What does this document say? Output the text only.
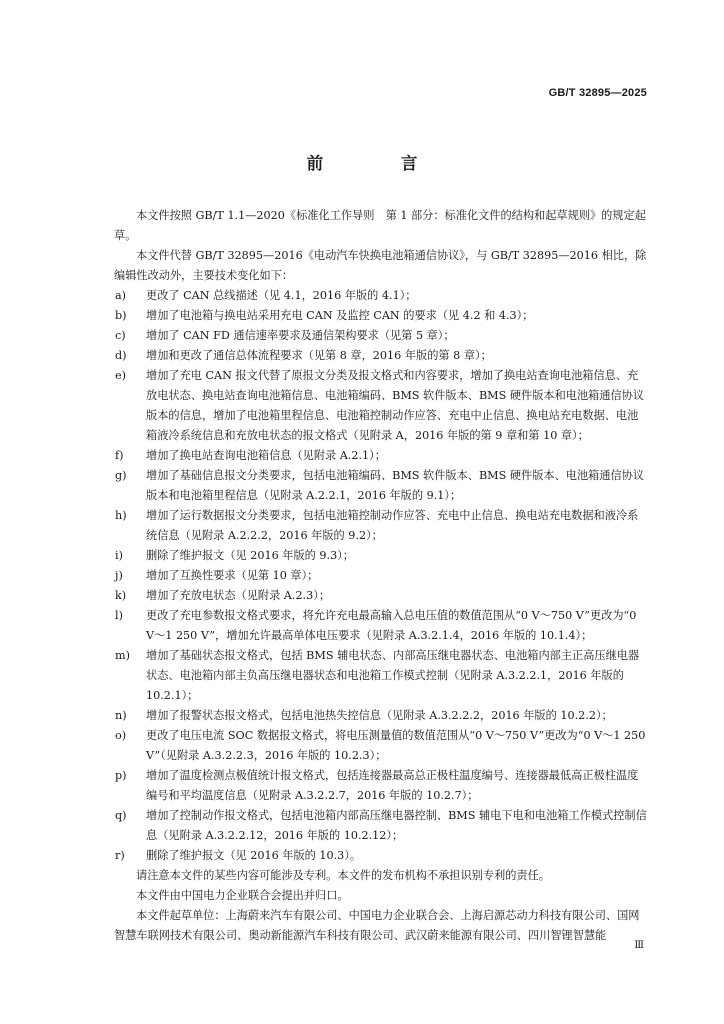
GB/T 32895—2025
前 言

本文件按照 GB/T 1.1—2020《标准化工作导则　第 1 部分：标准化文件的结构和起草规则》的规定起草。

本文件代替 GB/T 32895—2016《电动汽车快换电池箱通信协议》，与 GB/T 32895—2016 相比，除编辑性改动外，主要技术变化如下：

a)	更改了 CAN 总线描述（见 4.1，2016 年版的 4.1）；
b)	增加了电池箱与换电站采用充电 CAN 及监控 CAN 的要求（见 4.2 和 4.3）；
c)	增加了 CAN FD 通信速率要求及通信架构要求（见第 5 章）；
d)	增加和更改了通信总体流程要求（见第 8 章，2016 年版的第 8 章）；
e)	增加了充电 CAN 报文代替了原报文分类及报文格式和内容要求，增加了换电站查询电池箱信息、充放电状态、换电站查询电池箱信息、电池箱编码、BMS 软件版本、BMS 硬件版本和电池箱通信协议版本的信息，增加了电池箱里程信息、电池箱控制动作应答、充电中止信息、换电站充电数据、电池箱液冷系统信息和充放电状态的报文格式（见附录 A，2016 年版的第 9 章和第 10 章）；
f)	增加了换电站查询电池箱信息（见附录 A.2.1）；
g)	增加了基础信息报文分类要求，包括电池箱编码、BMS 软件版本、BMS 硬件版本、电池箱通信协议版本和电池箱里程信息（见附录 A.2.2.1，2016 年版的 9.1）；
h)	增加了运行数据报文分类要求，包括电池箱控制动作应答、充电中止信息、换电站充电数据和液冷系统信息（见附录 A.2.2.2，2016 年版的 9.2）；
i)	删除了维护报文（见 2016 年版的 9.3）；
j)	增加了互换性要求（见第 10 章）；
k)	增加了充放电状态（见附录 A.2.3）；
l)	更改了充电参数报文格式要求，将允许充电最高输入总电压值的数值范围从“0 V～750 V”更改为“0 V～1 250 V”，增加允许最高单体电压要求（见附录 A.3.2.1.4，2016 年版的 10.1.4）；
m)	增加了基础状态报文格式，包括 BMS 辅电状态、内部高压继电器状态、电池箱内部主正高压继电器状态、电池箱内部主负高压继电器状态和电池箱工作模式控制（见附录 A.3.2.2.1，2016 年版的 10.2.1）；
n)	增加了报警状态报文格式，包括电池热失控信息（见附录 A.3.2.2.2，2016 年版的 10.2.2）；
o)	更改了电压电流 SOC 数据报文格式，将电压测量值的数值范围从“0 V～750 V”更改为“0 V～1 250 V”（见附录 A.3.2.2.3，2016 年版的 10.2.3）；
p)	增加了温度检测点极值统计报文格式，包括连接器最高总正极柱温度编号、连接器最低高正极柱温度编号和平均温度信息（见附录 A.3.2.2.7，2016 年版的 10.2.7）；
q)	增加了控制动作报文格式，包括电池箱内部高压继电器控制、BMS 辅电下电和电池箱工作模式控制信息（见附录 A.3.2.2.12，2016 年版的 10.2.12）；
r)	删除了维护报文（见 2016 年版的 10.3）。

请注意本文件的某些内容可能涉及专利。本文件的发布机构不承担识别专利的责任。

本文件由中国电力企业联合会提出并归口。

本文件起草单位：上海蔚来汽车有限公司、中国电力企业联合会、上海启源芯动力科技有限公司、国网智慧车联网技术有限公司、奥动新能源汽车科技有限公司、武汉蔚来能源有限公司、四川智锂智慧能

Ⅲ
